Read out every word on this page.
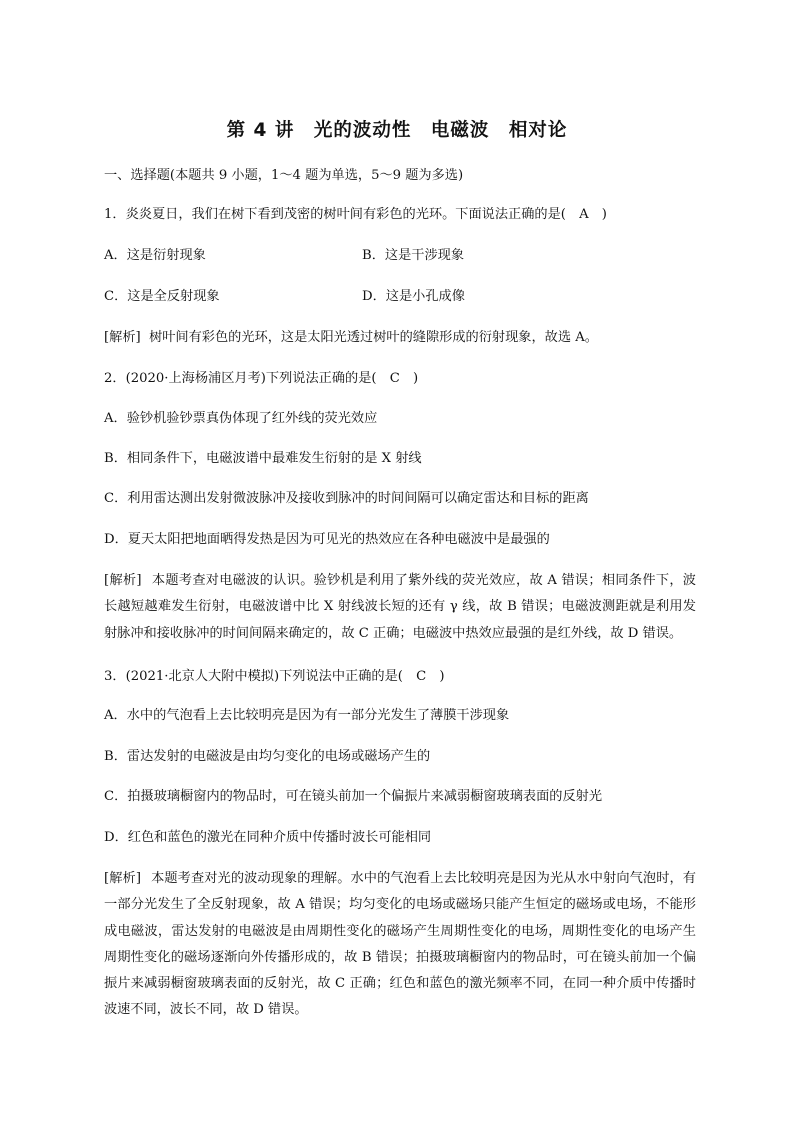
第 4 讲　光的波动性　电磁波　相对论
一、选择题(本题共 9 小题，1～4 题为单选，5～9 题为多选)
1．炎炎夏日，我们在树下看到茂密的树叶间有彩色的光环。下面说法正确的是(　A　)
A．这是衍射现象	B．这是干涉现象
C．这是全反射现象	D．这是小孔成像
[解析] 树叶间有彩色的光环，这是太阳光透过树叶的缝隙形成的衍射现象，故选 A。
2．(2020·上海杨浦区月考)下列说法正确的是(　C　)
A．验钞机验钞票真伪体现了红外线的荧光效应
B．相同条件下，电磁波谱中最难发生衍射的是 X 射线
C．利用雷达测出发射微波脉冲及接收到脉冲的时间间隔可以确定雷达和目标的距离
D．夏天太阳把地面晒得发热是因为可见光的热效应在各种电磁波中是最强的
[解析] 本题考查对电磁波的认识。验钞机是利用了紫外线的荧光效应，故 A 错误；相同条件下，波长越短越难发生衍射，电磁波谱中比 X 射线波长短的还有 γ 线，故 B 错误；电磁波测距就是利用发射脉冲和接收脉冲的时间间隔来确定的，故 C 正确；电磁波中热效应最强的是红外线，故 D 错误。
3．(2021·北京人大附中模拟)下列说法中正确的是(　C　)
A．水中的气泡看上去比较明亮是因为有一部分光发生了薄膜干涉现象
B．雷达发射的电磁波是由均匀变化的电场或磁场产生的
C．拍摄玻璃橱窗内的物品时，可在镜头前加一个偏振片来减弱橱窗玻璃表面的反射光
D．红色和蓝色的激光在同种介质中传播时波长可能相同
[解析] 本题考查对光的波动现象的理解。水中的气泡看上去比较明亮是因为光从水中射向气泡时，有一部分光发生了全反射现象，故 A 错误；均匀变化的电场或磁场只能产生恒定的磁场或电场，不能形成电磁波，雷达发射的电磁波是由周期性变化的磁场产生周期性变化的电场，周期性变化的电场产生周期性变化的磁场逐渐向外传播形成的，故 B 错误；拍摄玻璃橱窗内的物品时，可在镜头前加一个偏振片来减弱橱窗玻璃表面的反射光，故 C 正确；红色和蓝色的激光频率不同，在同一种介质中传播时波速不同，波长不同，故 D 错误。
